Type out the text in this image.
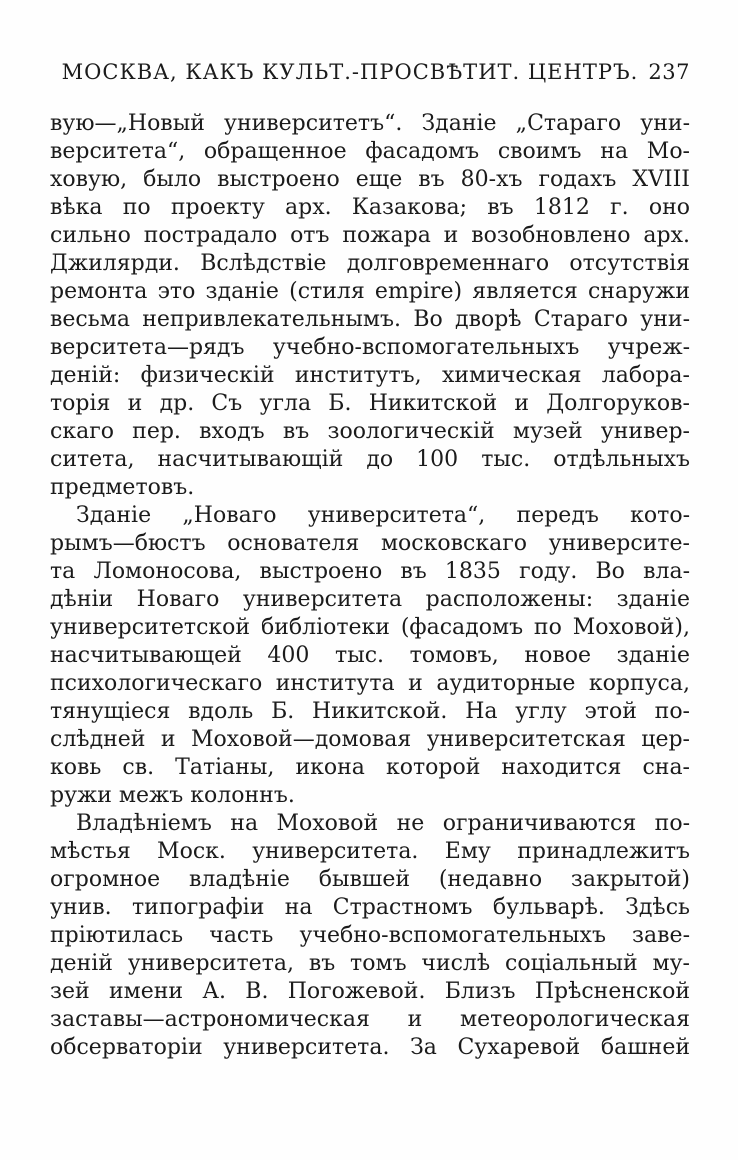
МОСКВА, КАКЪ КУЛЬТ.-ПРОСВѢТИТ. ЦЕНТРЪ. 237
вую—„Новый университетъ“. Зданіе „Стараго уни-
верситета“, обращенное фасадомъ своимъ на Мо-
ховую, было выстроено еще въ 80-хъ годахъ XVIII
вѣка по проекту арх. Казакова; въ 1812 г. оно
сильно пострадало отъ пожара и возобновлено арх.
Джилярди. Вслѣдствіе долговременнаго отсутствія
ремонта это зданіе (стиля empire) является снаружи
весьма непривлекательнымъ. Во дворѣ Стараго уни-
верситета—рядъ учебно-вспомогательныхъ учреж-
деній: физическій институтъ, химическая лабора-
торія и др. Съ угла Б. Никитской и Долгоруков-
скаго пер. входъ въ зоологическій музей универ-
ситета, насчитывающій до 100 тыс. отдѣльныхъ
предметовъ.
Зданіе „Новаго университета“, передъ кото-
рымъ—бюстъ основателя московскаго университе-
та Ломоносова, выстроено въ 1835 году. Во вла-
дѣніи Новаго университета расположены: зданіе
университетской библіотеки (фасадомъ по Моховой),
насчитывающей 400 тыс. томовъ, новое зданіе
психологическаго института и аудиторные корпуса,
тянущіеся вдоль Б. Никитской. На углу этой по-
слѣдней и Моховой—домовая университетская цер-
ковь св. Татіаны, икона которой находится сна-
ружи межъ колоннъ.
Владѣніемъ на Моховой не ограничиваются по-
мѣстья Моск. университета. Ему принадлежитъ
огромное владѣніе бывшей (недавно закрытой)
унив. типографіи на Страстномъ бульварѣ. Здѣсь
пріютилась часть учебно-вспомогательныхъ заве-
деній университета, въ томъ числѣ соціальный му-
зей имени А. В. Погожевой. Близъ Прѣсненской
заставы—астрономическая и метеорологическая
обсерваторіи университета. За Сухаревой башней
